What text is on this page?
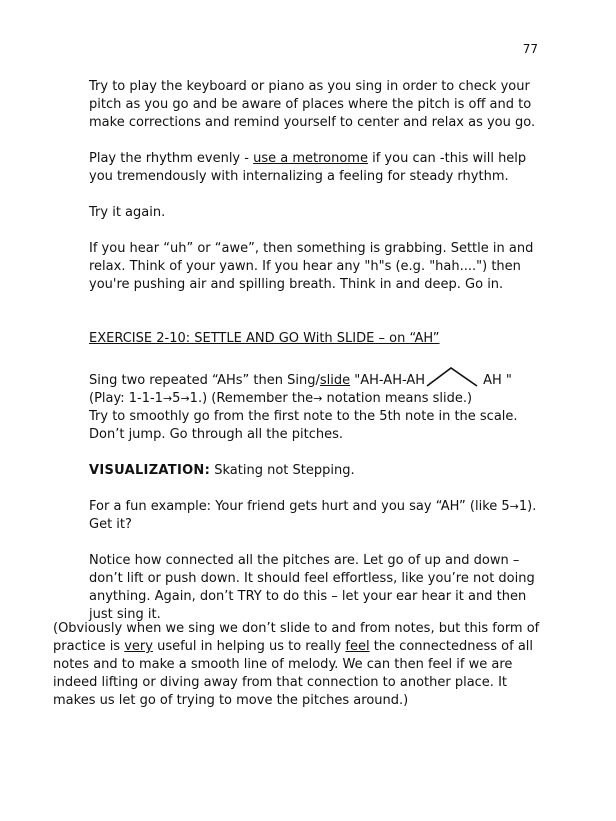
77

Try to play the keyboard or piano as you sing in order to check your pitch as you go and be aware of places where the pitch is off and to make corrections and remind yourself to center and relax as you go.

Play the rhythm evenly - use a metronome if you can -this will help you tremendously with internalizing a feeling for steady rhythm.

Try it again.

If you hear “uh” or “awe”, then something is grabbing. Settle in and relax. Think of your yawn. If you hear any "h"s (e.g. "hah....") then you're pushing air and spilling breath. Think in and deep. Go in.

EXERCISE 2-10: SETTLE AND GO With SLIDE – on “AH”

Sing two repeated “AHs” then Sing/slide "AH-AH-AH	AH "

(Play: 1-1-1→5→1.) (Remember the→ notation means slide.)

Try to smoothly go from the first note to the 5th note in the scale. Don’t jump. Go through all the pitches.

VISUALIZATION: Skating not Stepping.

For a fun example: Your friend gets hurt and you say “AH” (like 5→1). Get it?

Notice how connected all the pitches are. Let go of up and down – don’t lift or push down. It should feel effortless, like you’re not doing anything. Again, don’t TRY to do this – let your ear hear it and then just sing it.

(Obviously when we sing we don’t slide to and from notes, but this form of practice is very useful in helping us to really feel the connectedness of all notes and to make a smooth line of melody. We can then feel if we are indeed lifting or diving away from that connection to another place. It makes us let go of trying to move the pitches around.)
